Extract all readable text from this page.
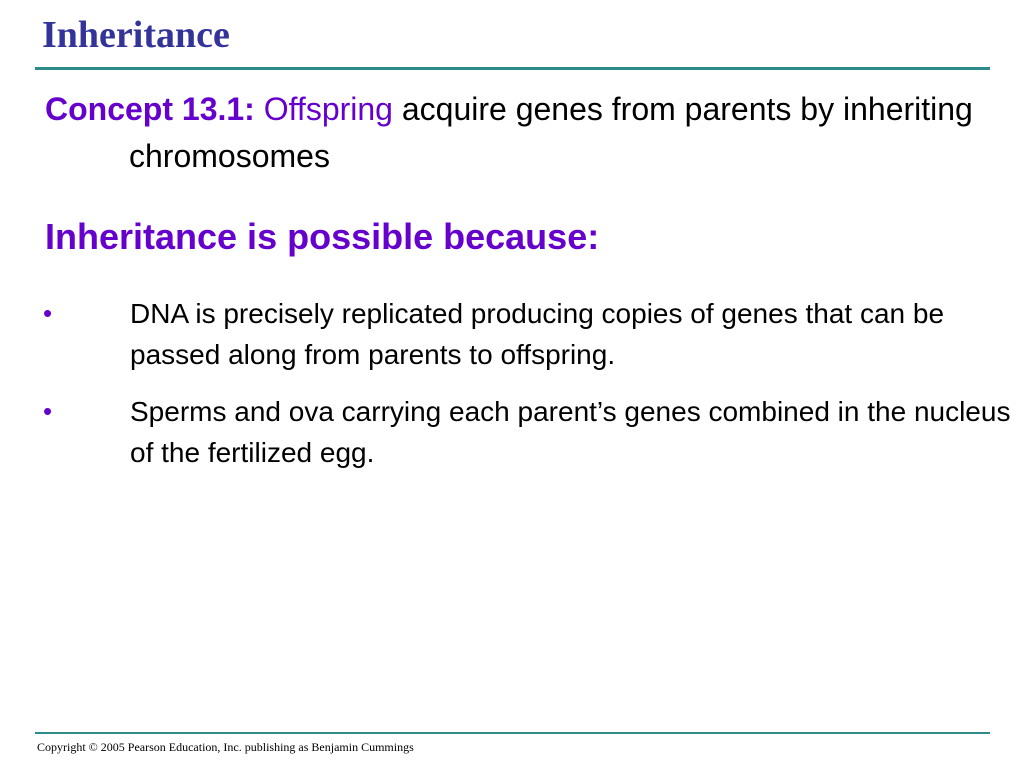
Inheritance

Concept 13.1: Offspring acquire genes from parents by inheriting chromosomes

Inheritance is possible because:
•	DNA is precisely replicated producing copies of genes that can be passed along from parents to offspring.
•	Sperms and ova carrying each parent’s genes combined in the nucleus of the fertilized egg.

Copyright © 2005 Pearson Education, Inc. publishing as Benjamin Cummings
